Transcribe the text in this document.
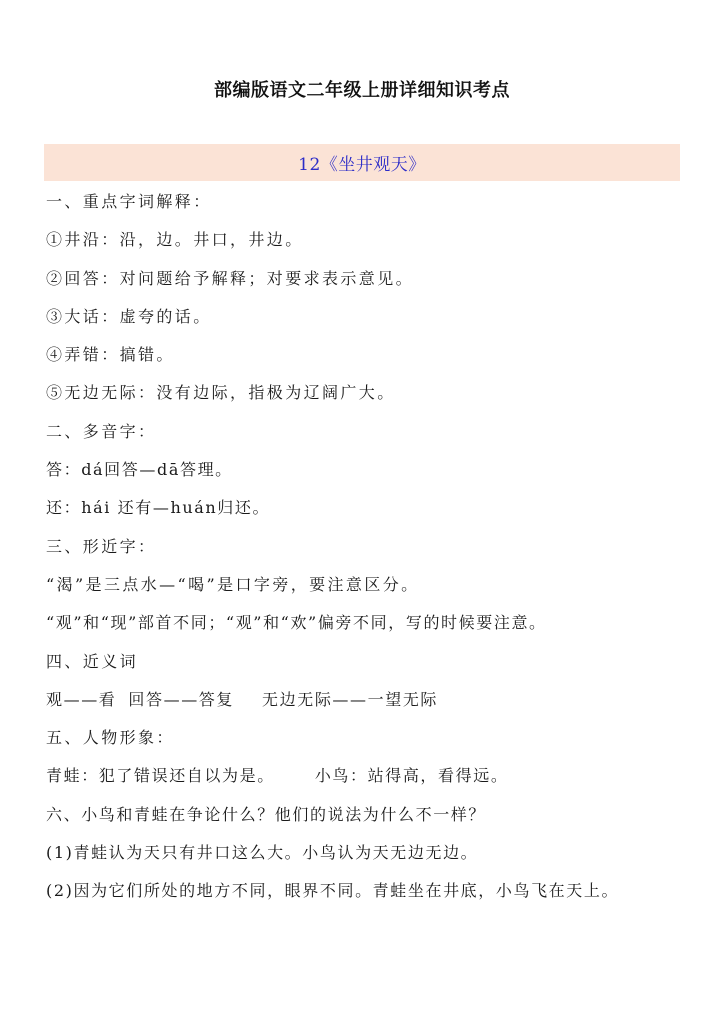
部编版语文二年级上册详细知识考点
12《坐井观天》
一、重点字词解释：
①井沿：沿，边。井口，井边。
②回答：对问题给予解释；对要求表示意见。
③大话：虚夸的话。
④弄错：搞错。
⑤无边无际：没有边际，指极为辽阔广大。
二、多音字：
答：dá回答—dā答理。
还：hái 还有—huán归还。
三、形近字：
“渴”是三点水—“喝”是口字旁，要注意区分。
“观”和“现”部首不同；“观”和“欢”偏旁不同，写的时候要注意。
四、近义词
观——看 回答——答复 无边无际——一望无际
五、人物形象：
青蛙：犯了错误还自以为是。	小鸟：站得高，看得远。
六、小鸟和青蛙在争论什么？他们的说法为什么不一样？
(1)青蛙认为天只有井口这么大。小鸟认为天无边无边。
(2)因为它们所处的地方不同，眼界不同。青蛙坐在井底，小鸟飞在天上。
